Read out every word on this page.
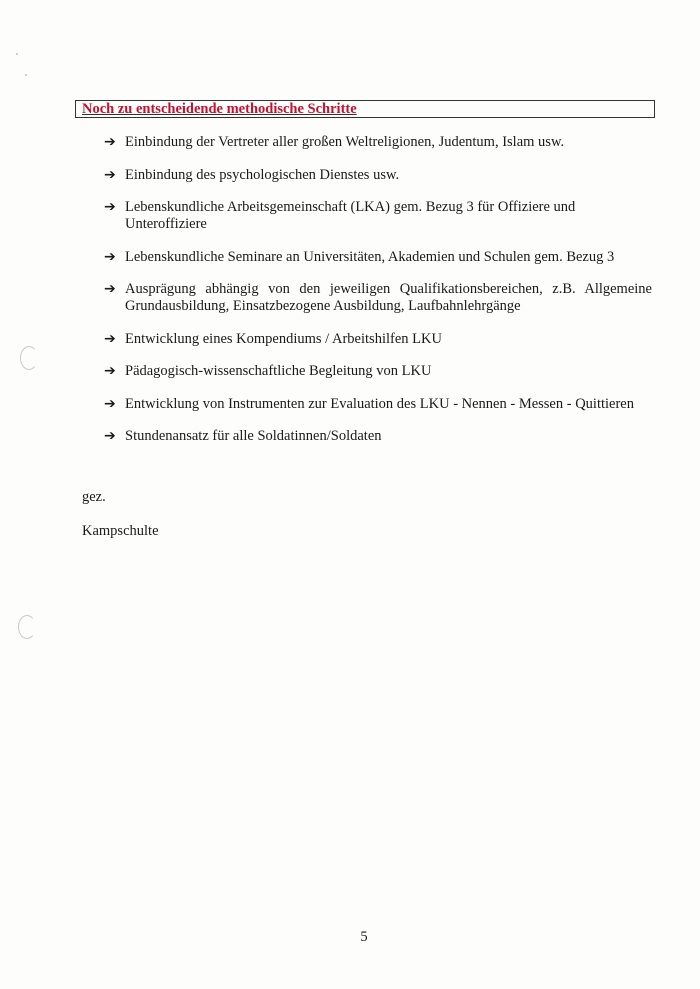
Noch zu entscheidende methodische Schritte
➔ Einbindung der Vertreter aller großen Weltreligionen, Judentum, Islam usw.
➔ Einbindung des psychologischen Dienstes usw.
➔ Lebenskundliche Arbeitsgemeinschaft (LKA) gem. Bezug 3 für Offiziere und Unteroffiziere
➔ Lebenskundliche Seminare an Universitäten, Akademien und Schulen gem. Bezug 3
➔ Ausprägung abhängig von den jeweiligen Qualifikationsbereichen, z.B. Allgemeine Grundausbildung, Einsatzbezogene Ausbildung, Laufbahnlehrgänge
➔ Entwicklung eines Kompendiums / Arbeitshilfen LKU
➔ Pädagogisch-wissenschaftliche Begleitung von LKU
➔ Entwicklung von Instrumenten zur Evaluation des LKU - Nennen - Messen - Quittieren
➔ Stundenansatz für alle Soldatinnen/Soldaten
gez.
Kampschulte
5
